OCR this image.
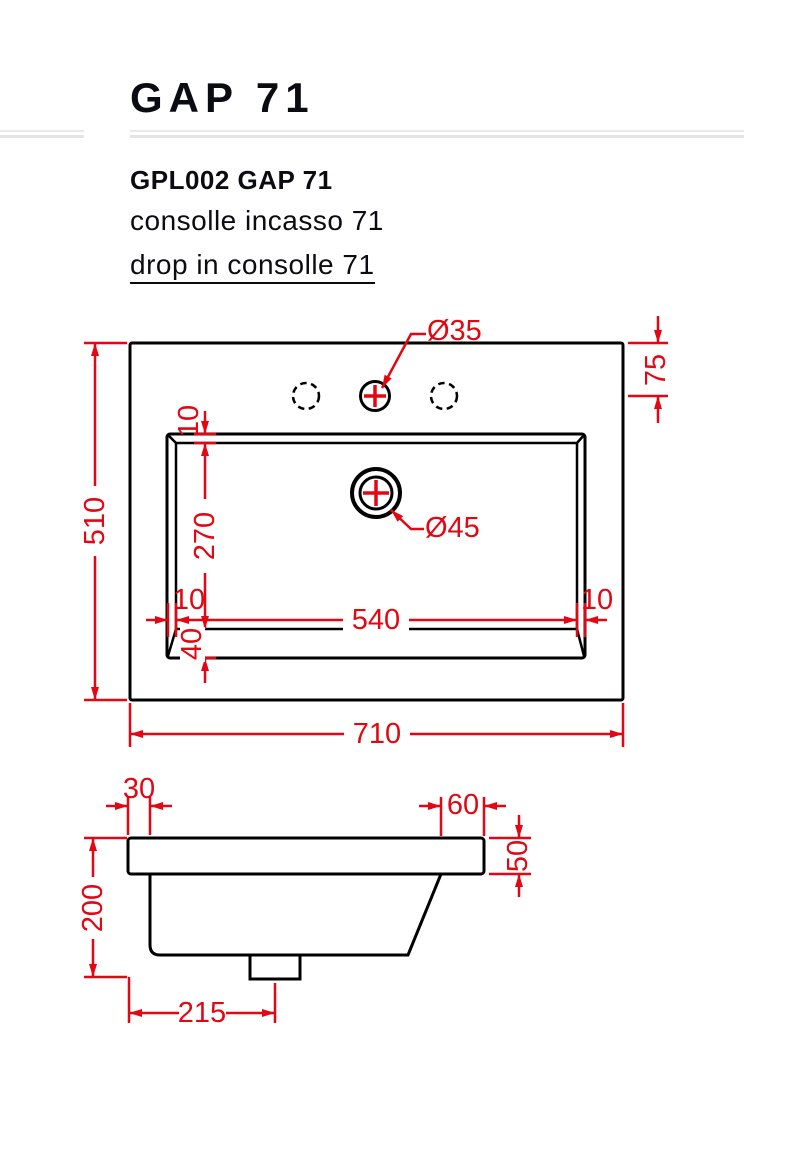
GAP 71
GPL002 GAP 71
consolle incasso 71
drop in consolle 71
510
710
75
Ø35
Ø45
10
270
540
10	10
40
30	60
50
200
215
